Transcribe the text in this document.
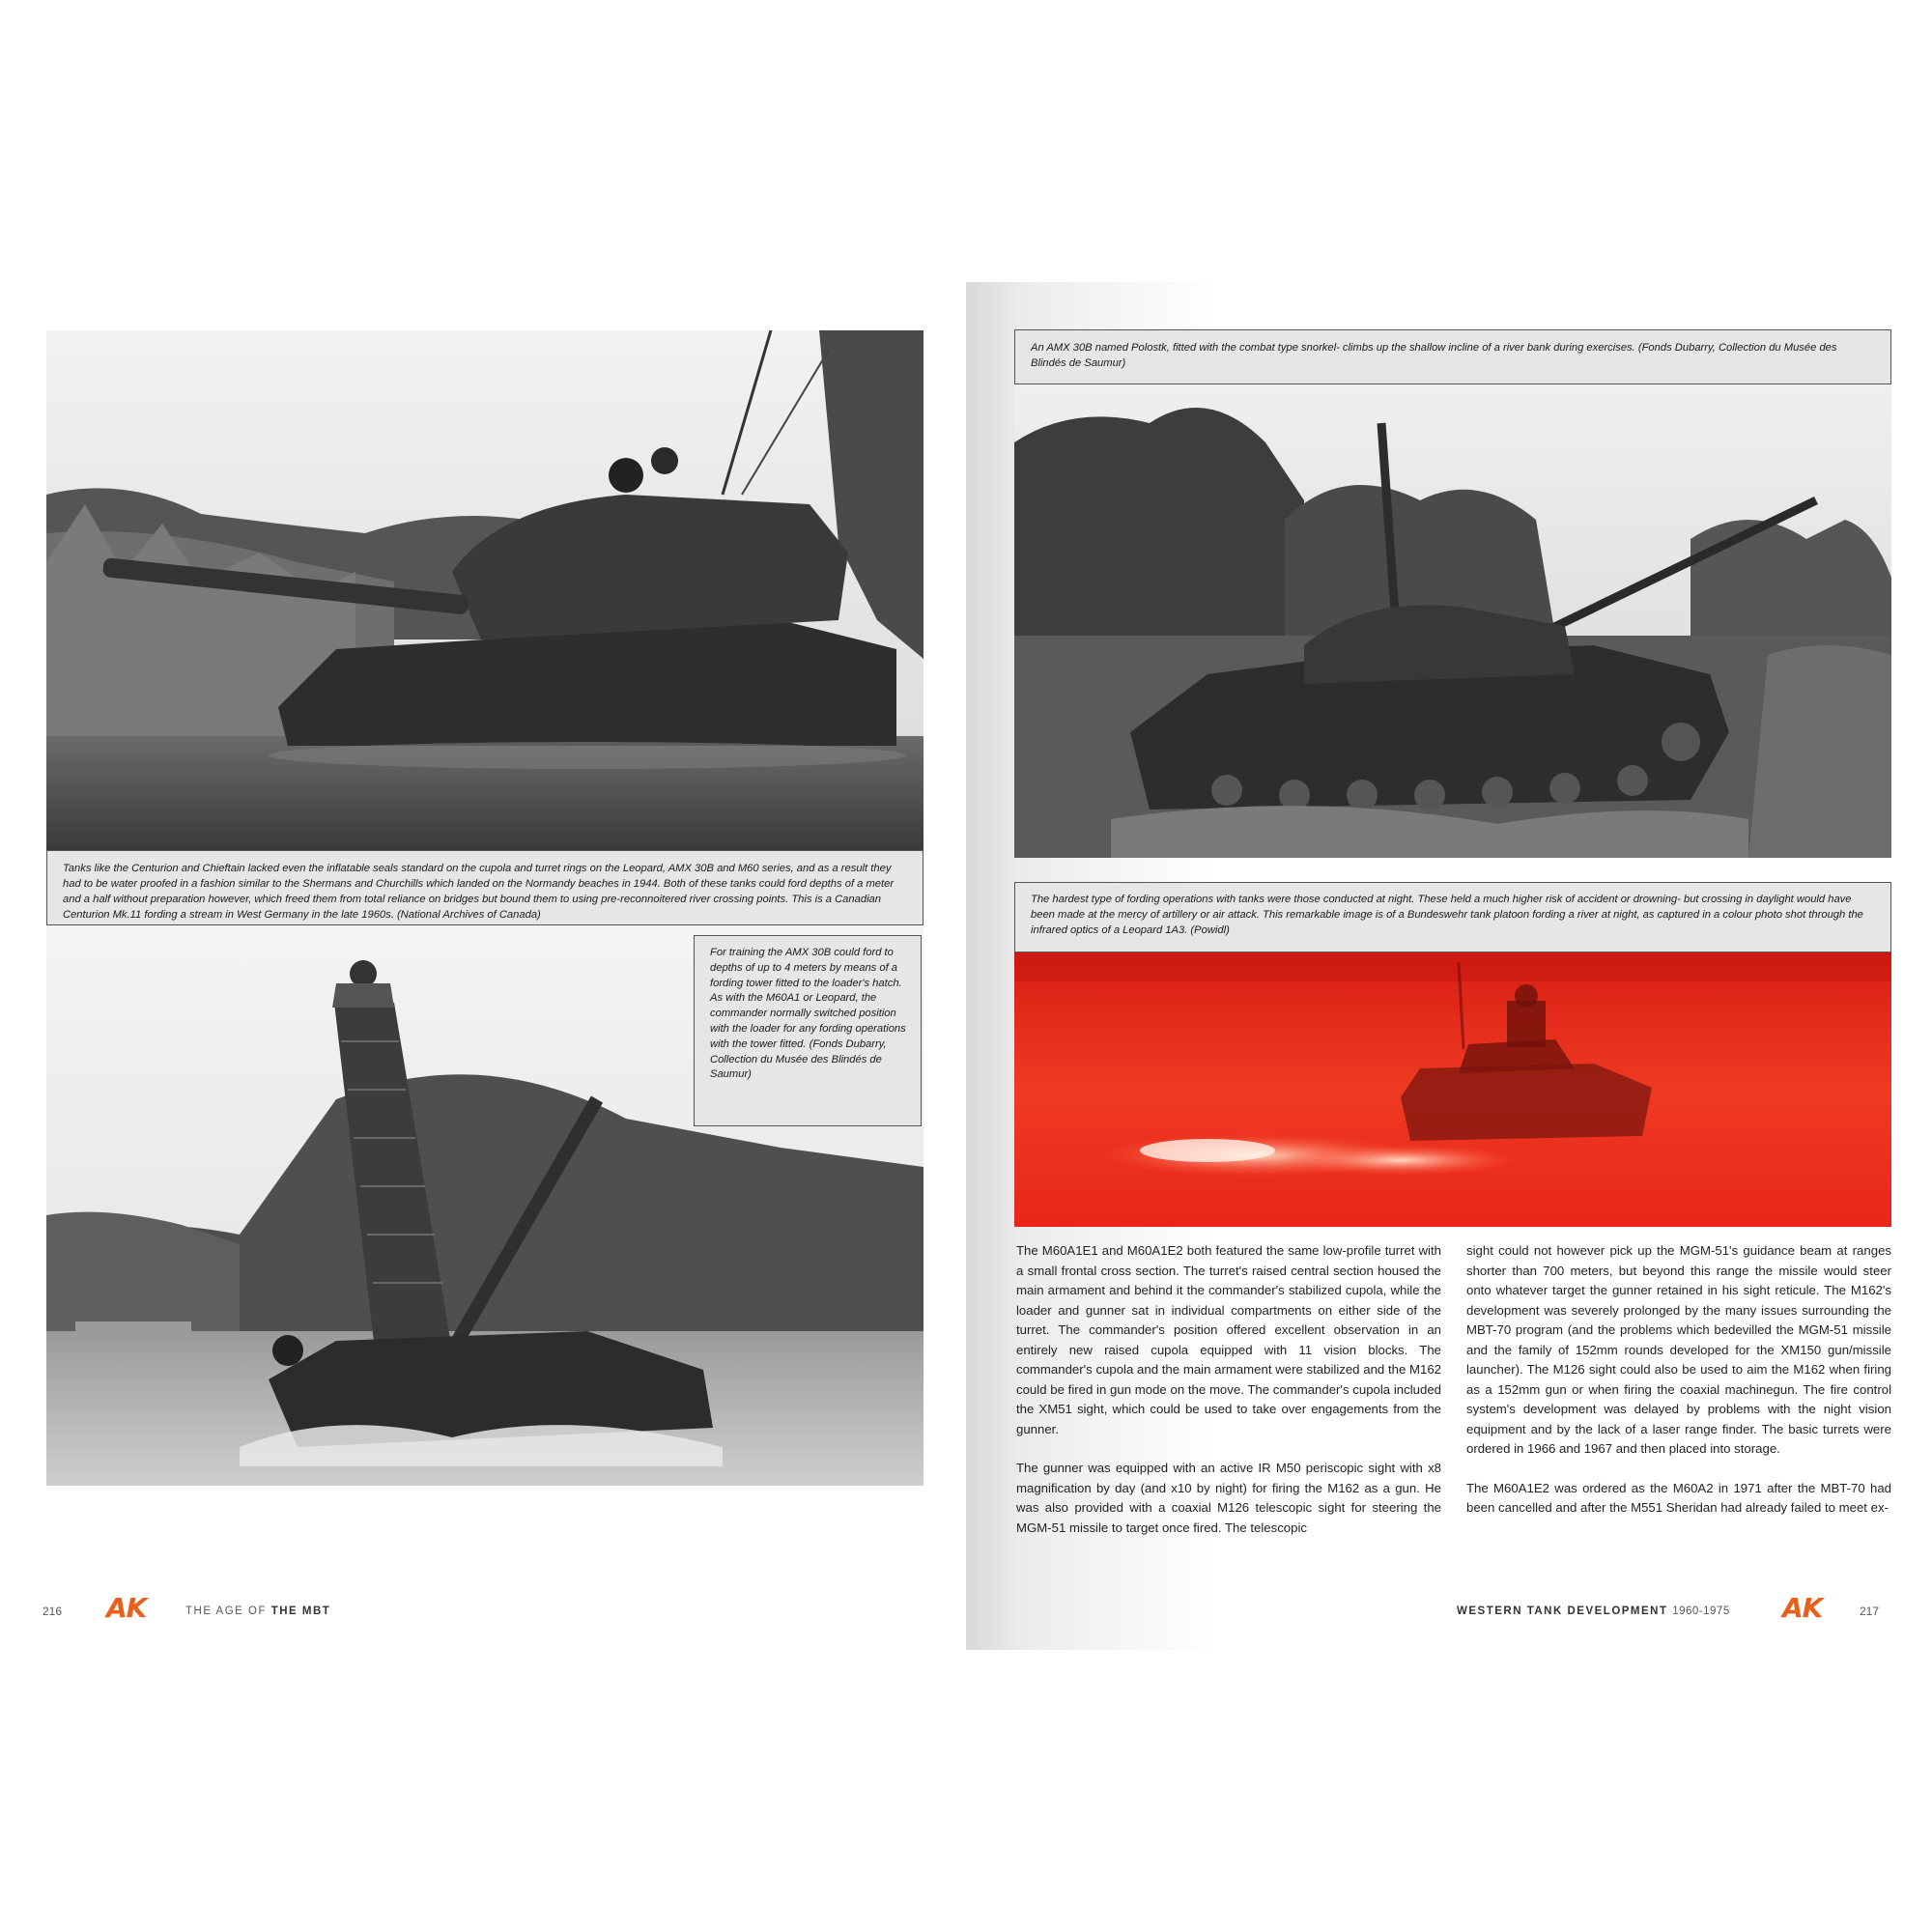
Tanks like the Centurion and Chieftain lacked even the inflatable seals standard on the cupola and turret rings on the Leopard, AMX 30B and M60 series, and as a result they had to be water proofed in a fashion similar to the Shermans and Churchills which landed on the Normandy beaches in 1944. Both of these tanks could ford depths of a meter and a half without preparation however, which freed them from total reliance on bridges but bound them to using pre-reconnoitered river crossing points. This is a Canadian Centurion Mk.11 fording a stream in West Germany in the late 1960s. (National Archives of Canada)
For training the AMX 30B could ford to depths of up to 4 meters by means of a fording tower fitted to the loader's hatch. As with the M60A1 or Leopard, the commander normally switched position with the loader for any fording operations with the tower fitted. (Fonds Dubarry, Collection du Musée des Blindés de Saumur)
216 AK	THE AGE OF THE MBT
An AMX 30B named Polostk, fitted with the combat type snorkel- climbs up the shallow incline of a river bank during exercises. (Fonds Dubarry, Collection du Musée des Blindés de Saumur)
The hardest type of fording operations with tanks were those conducted at night. These held a much higher risk of accident or drowning- but crossing in daylight would have been made at the mercy of artillery or air attack. This remarkable image is of a Bundeswehr tank platoon fording a river at night, as captured in a colour photo shot through the infrared optics of a Leopard 1A3. (Powidl)

The M60A1E1 and M60A1E2 both featured the same low-profile turret with a small frontal cross section. The turret's raised central section housed the main armament and behind it the commander's stabilized cupola, while the loader and gunner sat in individual compartments on either side of the turret. The commander's position offered excellent observation in an entirely new raised cupola equipped with 11 vision blocks. The commander's cupola and the main armament were stabilized and the M162 could be fired in gun mode on the move. The commander's cupola included the XM51 sight, which could be used to take over engagements from the gunner.

The gunner was equipped with an active IR M50 periscopic sight with x8 magnification by day (and x10 by night) for firing the M162 as a gun. He was also provided with a coaxial M126 telescopic sight for steering the MGM-51 missile to target once fired. The telescopic

sight could not however pick up the MGM-51's guidance beam at ranges shorter than 700 meters, but beyond this range the missile would steer onto whatever target the gunner retained in his sight reticule. The M162's development was severely prolonged by the many issues surrounding the MBT-70 program (and the problems which bedevilled the MGM-51 missile and the family of 152mm rounds developed for the XM150 gun/missile launcher). The M126 sight could also be used to aim the M162 when firing as a 152mm gun or when firing the coaxial machinegun. The fire control system's development was delayed by problems with the night vision equipment and by the lack of a laser range finder. The basic turrets were ordered in 1966 and 1967 and then placed into storage.

The M60A1E2 was ordered as the M60A2 in 1971 after the MBT-70 had been cancelled and after the M551 Sheridan had already failed to meet ex-

WESTERN TANK DEVELOPMENT 1960-1975 AK	217
